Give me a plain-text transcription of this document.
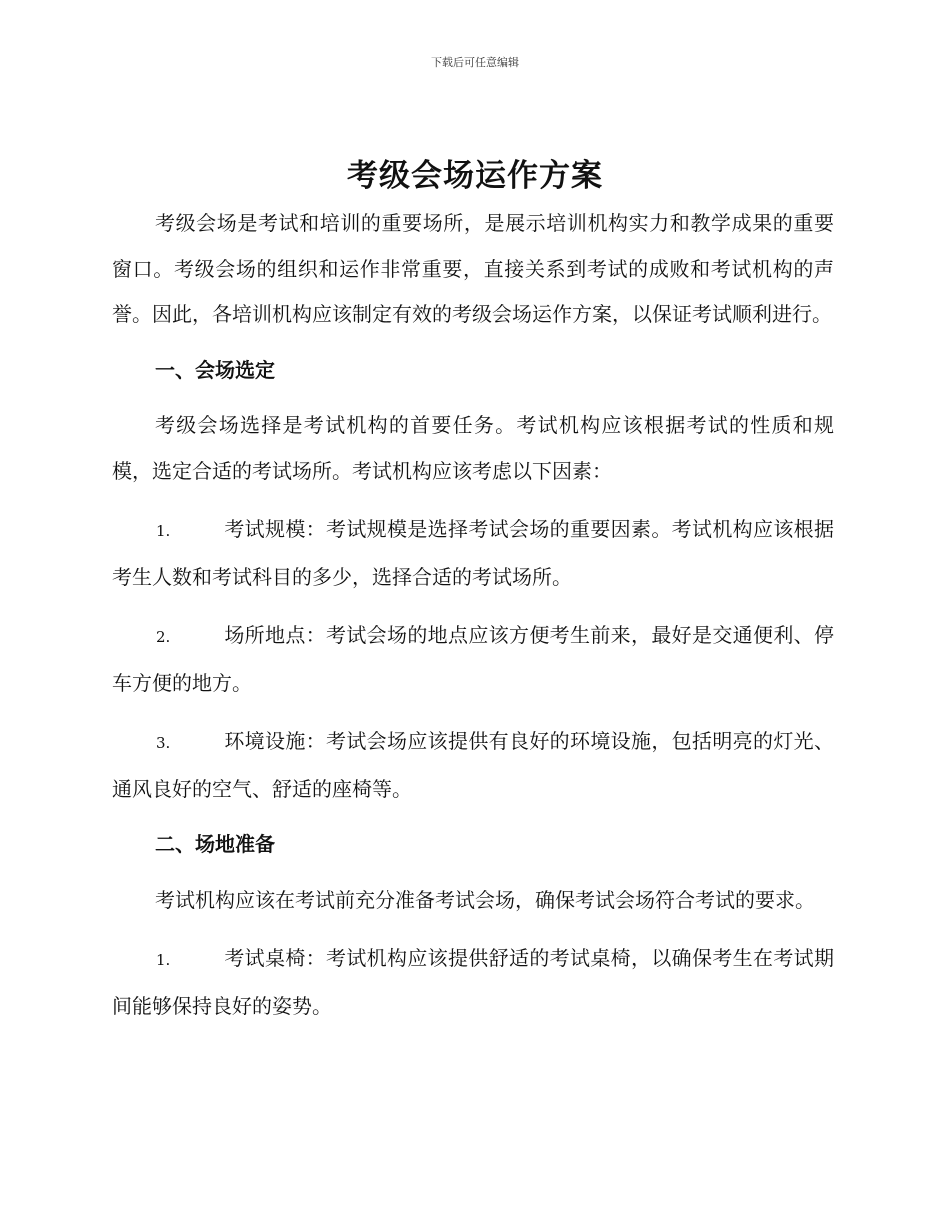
下载后可任意编辑
考级会场运作方案

考级会场是考试和培训的重要场所，是展示培训机构实力和教学成果的重要窗口。考级会场的组织和运作非常重要，直接关系到考试的成败和考试机构的声誉。因此，各培训机构应该制定有效的考级会场运作方案，以保证考试顺利进行。

一、会场选定

考级会场选择是考试机构的首要任务。考试机构应该根据考试的性质和规模，选定合适的考试场所。考试机构应该考虑以下因素：

1.	考试规模：考试规模是选择考试会场的重要因素。考试机构应该根据考生人数和考试科目的多少，选择合适的考试场所。

2.	场所地点：考试会场的地点应该方便考生前来，最好是交通便利、停车方便的地方。

3.	环境设施：考试会场应该提供有良好的环境设施，包括明亮的灯光、通风良好的空气、舒适的座椅等。

二、场地准备

考试机构应该在考试前充分准备考试会场，确保考试会场符合考试的要求。

1.	考试桌椅：考试机构应该提供舒适的考试桌椅，以确保考生在考试期间能够保持良好的姿势。
